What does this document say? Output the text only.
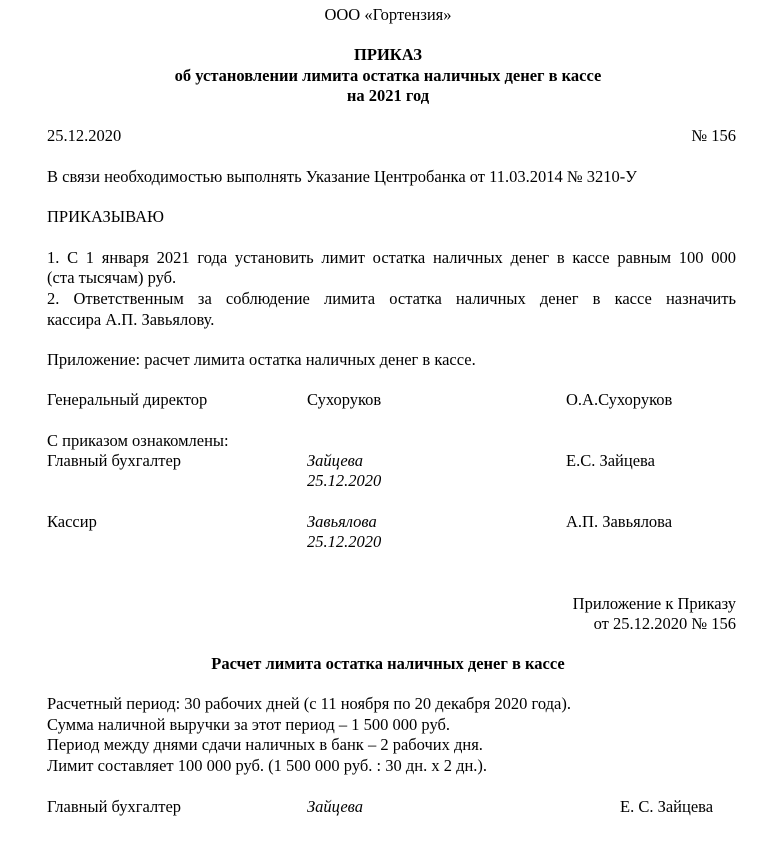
ООО «Гортензия»
ПРИКАЗ
об установлении лимита остатка наличных денег в кассе
на 2021 год
25.12.2020	№ 156
В связи необходимостью выполнять Указание Центробанка от 11.03.2014 № 3210-У
ПРИКАЗЫВАЮ
1. С 1 января 2021 года установить лимит остатка наличных денег в кассе равным 100 000
(ста тысячам) руб.
2. Ответственным за соблюдение лимита остатка наличных денег в кассе назначить
кассира А.П. Завьялову.
Приложение: расчет лимита остатка наличных денег в кассе.
Генеральный директор	Сухоруков	О.А.Сухоруков
С приказом ознакомлены:
Главный бухгалтер	Зайцева	Е.С. Зайцева
25.12.2020
Кассир	Завьялова	А.П. Завьялова
25.12.2020
Приложение к Приказу
от 25.12.2020 № 156
Расчет лимита остатка наличных денег в кассе
Расчетный период: 30 рабочих дней (с 11 ноября по 20 декабря 2020 года).
Сумма наличной выручки за этот период – 1 500 000 руб.
Период между днями сдачи наличных в банк – 2 рабочих дня.
Лимит составляет 100 000 руб. (1 500 000 руб. : 30 дн. х 2 дн.).
Главный бухгалтер	Зайцева	Е. С. Зайцева
